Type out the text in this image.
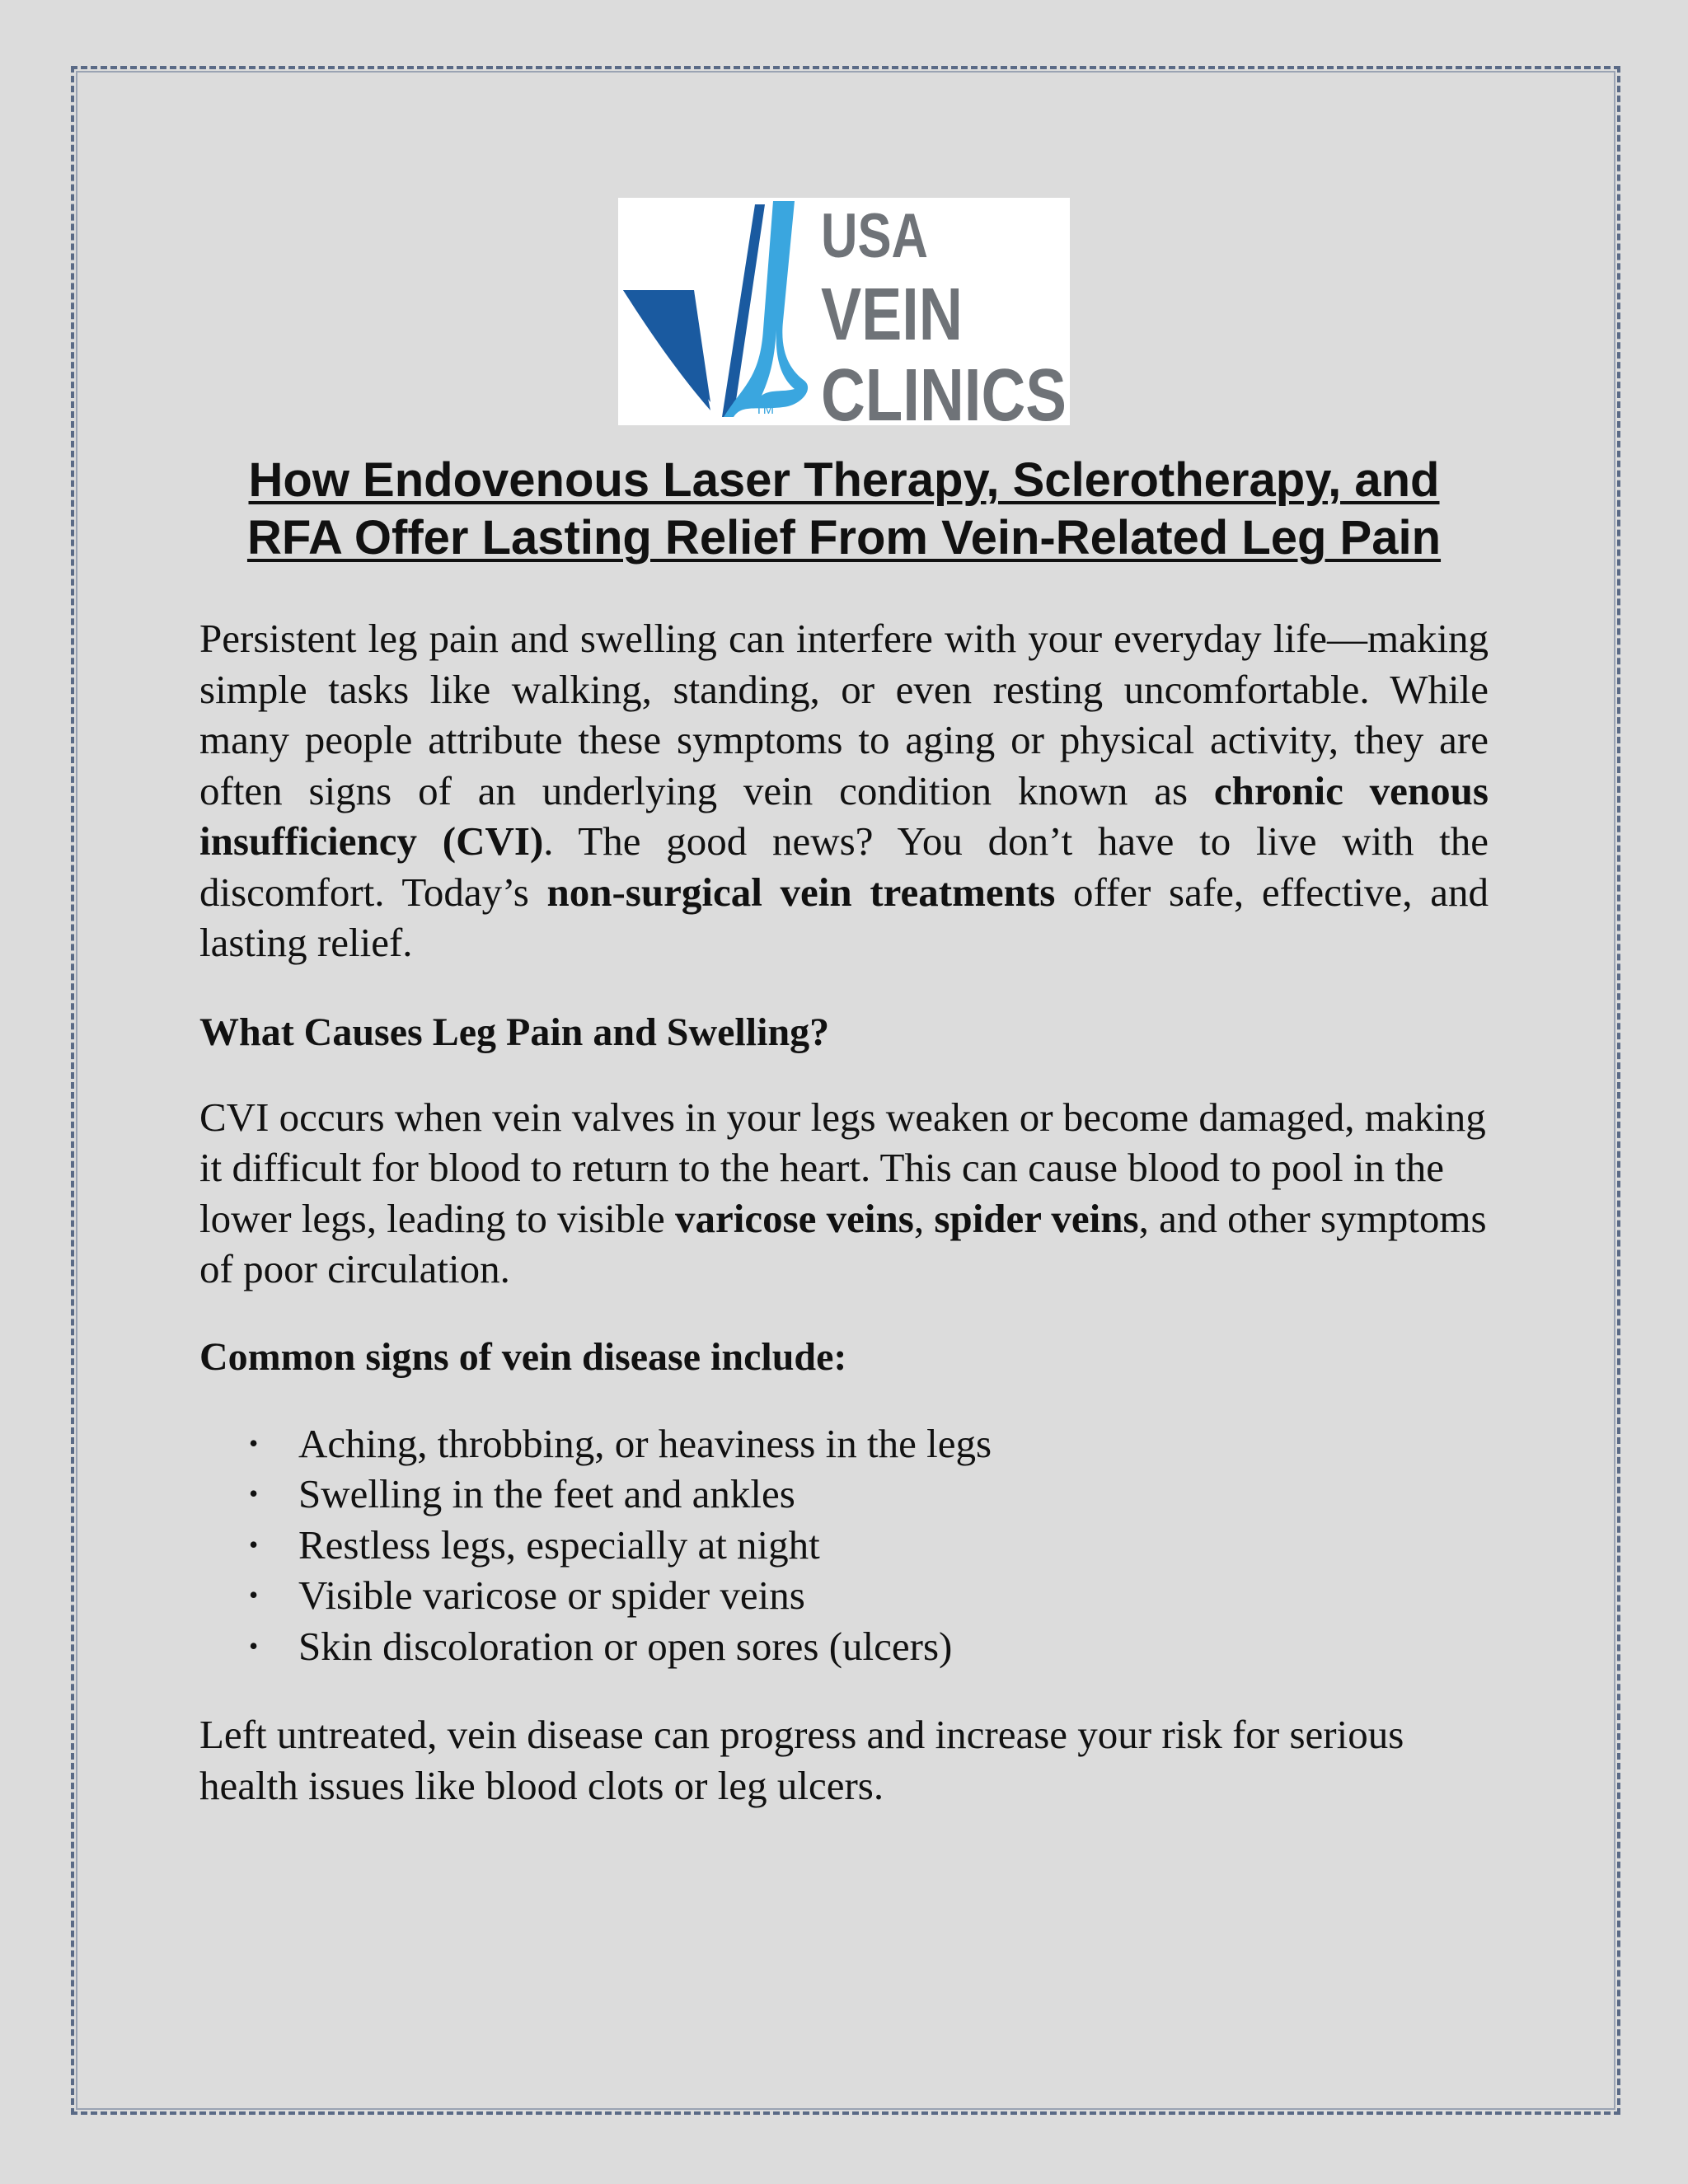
TM
USA
VEIN
CLINICS
How Endovenous Laser Therapy, Sclerotherapy, and
RFA Offer Lasting Relief From Vein-Related Leg Pain

Persistent leg pain and swelling can interfere with your everyday life—making simple tasks like walking, standing, or even resting uncomfortable. While many people attribute these symptoms to aging or physical activity, they are often signs of an underlying vein condition known as chronic venous insufficiency (CVI). The good news? You don’t have to live with the discomfort. Today’s non-surgical vein treatments offer safe, effective, and lasting relief.

What Causes Leg Pain and Swelling?

CVI occurs when vein valves in your legs weaken or become damaged, making it difficult for blood to return to the heart. This can cause blood to pool in the lower legs, leading to visible varicose veins, spider veins, and other symptoms of poor circulation.

Common signs of vein disease include:
• Aching, throbbing, or heaviness in the legs
• Swelling in the feet and ankles
• Restless legs, especially at night
• Visible varicose or spider veins
• Skin discoloration or open sores (ulcers)

Left untreated, vein disease can progress and increase your risk for serious health issues like blood clots or leg ulcers.
